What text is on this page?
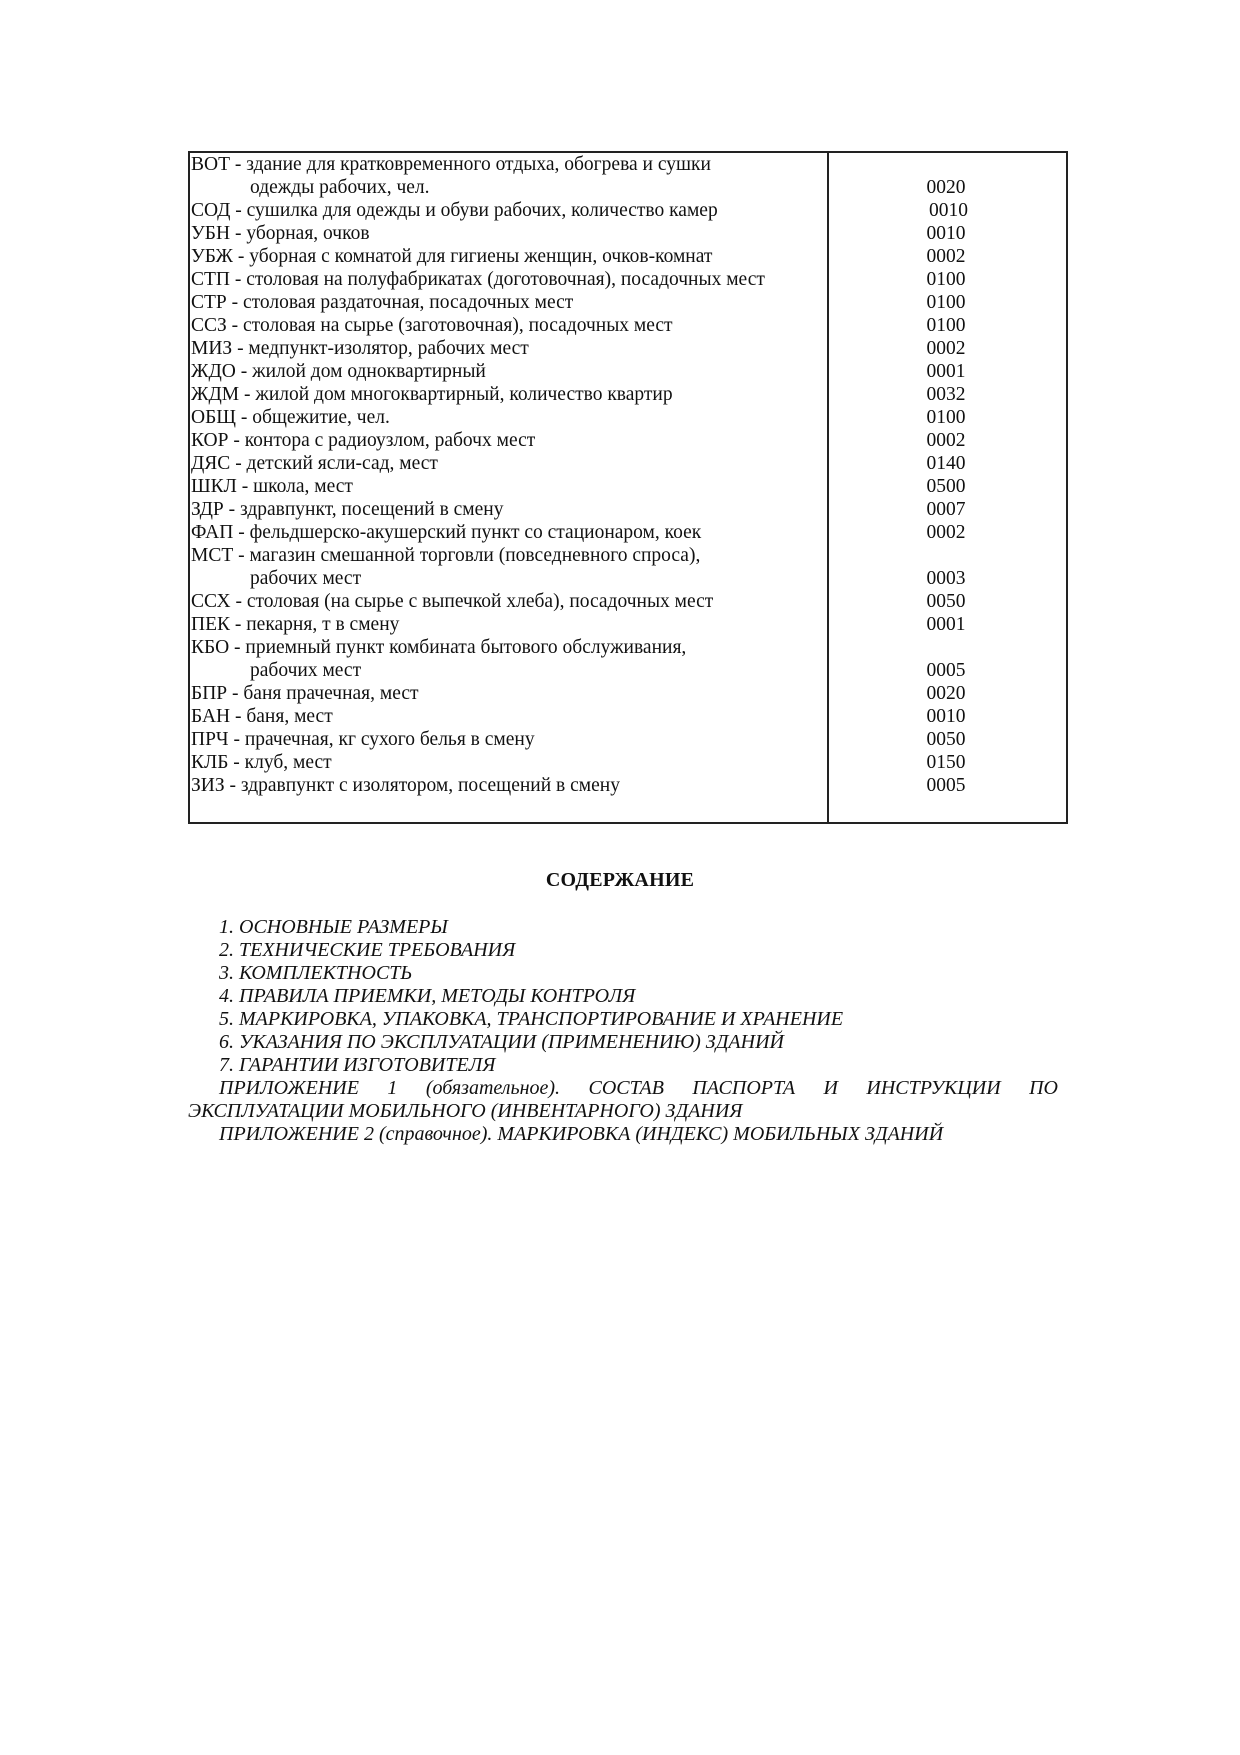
ВОТ - здание для кратковременного отдыха, обогрева и сушки
одежды рабочих, чел.	0020
СОД - сушилка для одежды и обуви рабочих, количество камер	0010
УБН - уборная, очков	0010
УБЖ - уборная с комнатой для гигиены женщин, очков-комнат	0002
СТП - столовая на полуфабрикатах (доготовочная), посадочных мест	0100
СТР - столовая раздаточная, посадочных мест	0100
ССЗ - столовая на сырье (заготовочная), посадочных мест	0100
МИЗ - медпункт-изолятор, рабочих мест	0002
ЖДО - жилой дом одноквартирный	0001
ЖДМ - жилой дом многоквартирный, количество квартир	0032
ОБЩ - общежитие, чел.	0100
КОР - контора с радиоузлом, рабочх мест	0002
ДЯС - детский ясли-сад, мест	0140
ШКЛ - школа, мест	0500
ЗДР - здравпункт, посещений в смену	0007
ФАП - фельдшерско-акушерский пункт со стационаром, коек	0002
МСТ - магазин смешанной торговли (повседневного спроса),
рабочих мест	0003
ССХ - столовая (на сырье с выпечкой хлеба), посадочных мест	0050
ПЕК - пекарня, т в смену	0001
КБО - приемный пункт комбината бытового обслуживания,
рабочих мест	0005
БПР - баня прачечная, мест	0020
БАН - баня, мест	0010
ПРЧ - прачечная, кг сухого белья в смену	0050
КЛБ - клуб, мест	0150
ЗИЗ - здравпункт с изолятором, посещений в смену	0005
СОДЕРЖАНИЕ
1. ОСНОВНЫЕ РАЗМЕРЫ
2. ТЕХНИЧЕСКИЕ ТРЕБОВАНИЯ
3. КОМПЛЕКТНОСТЬ
4. ПРАВИЛА ПРИЕМКИ, МЕТОДЫ КОНТРОЛЯ
5. МАРКИРОВКА, УПАКОВКА, ТРАНСПОРТИРОВАНИЕ И ХРАНЕНИЕ
6. УКАЗАНИЯ ПО ЭКСПЛУАТАЦИИ (ПРИМЕНЕНИЮ) ЗДАНИЙ
7. ГАРАНТИИ ИЗГОТОВИТЕЛЯ
ПРИЛОЖЕНИЕ 1 (обязательное). СОСТАВ ПАСПОРТА И ИНСТРУКЦИИ ПО
ЭКСПЛУАТАЦИИ МОБИЛЬНОГО (ИНВЕНТАРНОГО) ЗДАНИЯ
ПРИЛОЖЕНИЕ 2 (справочное). МАРКИРОВКА (ИНДЕКС) МОБИЛЬНЫХ ЗДАНИЙ
